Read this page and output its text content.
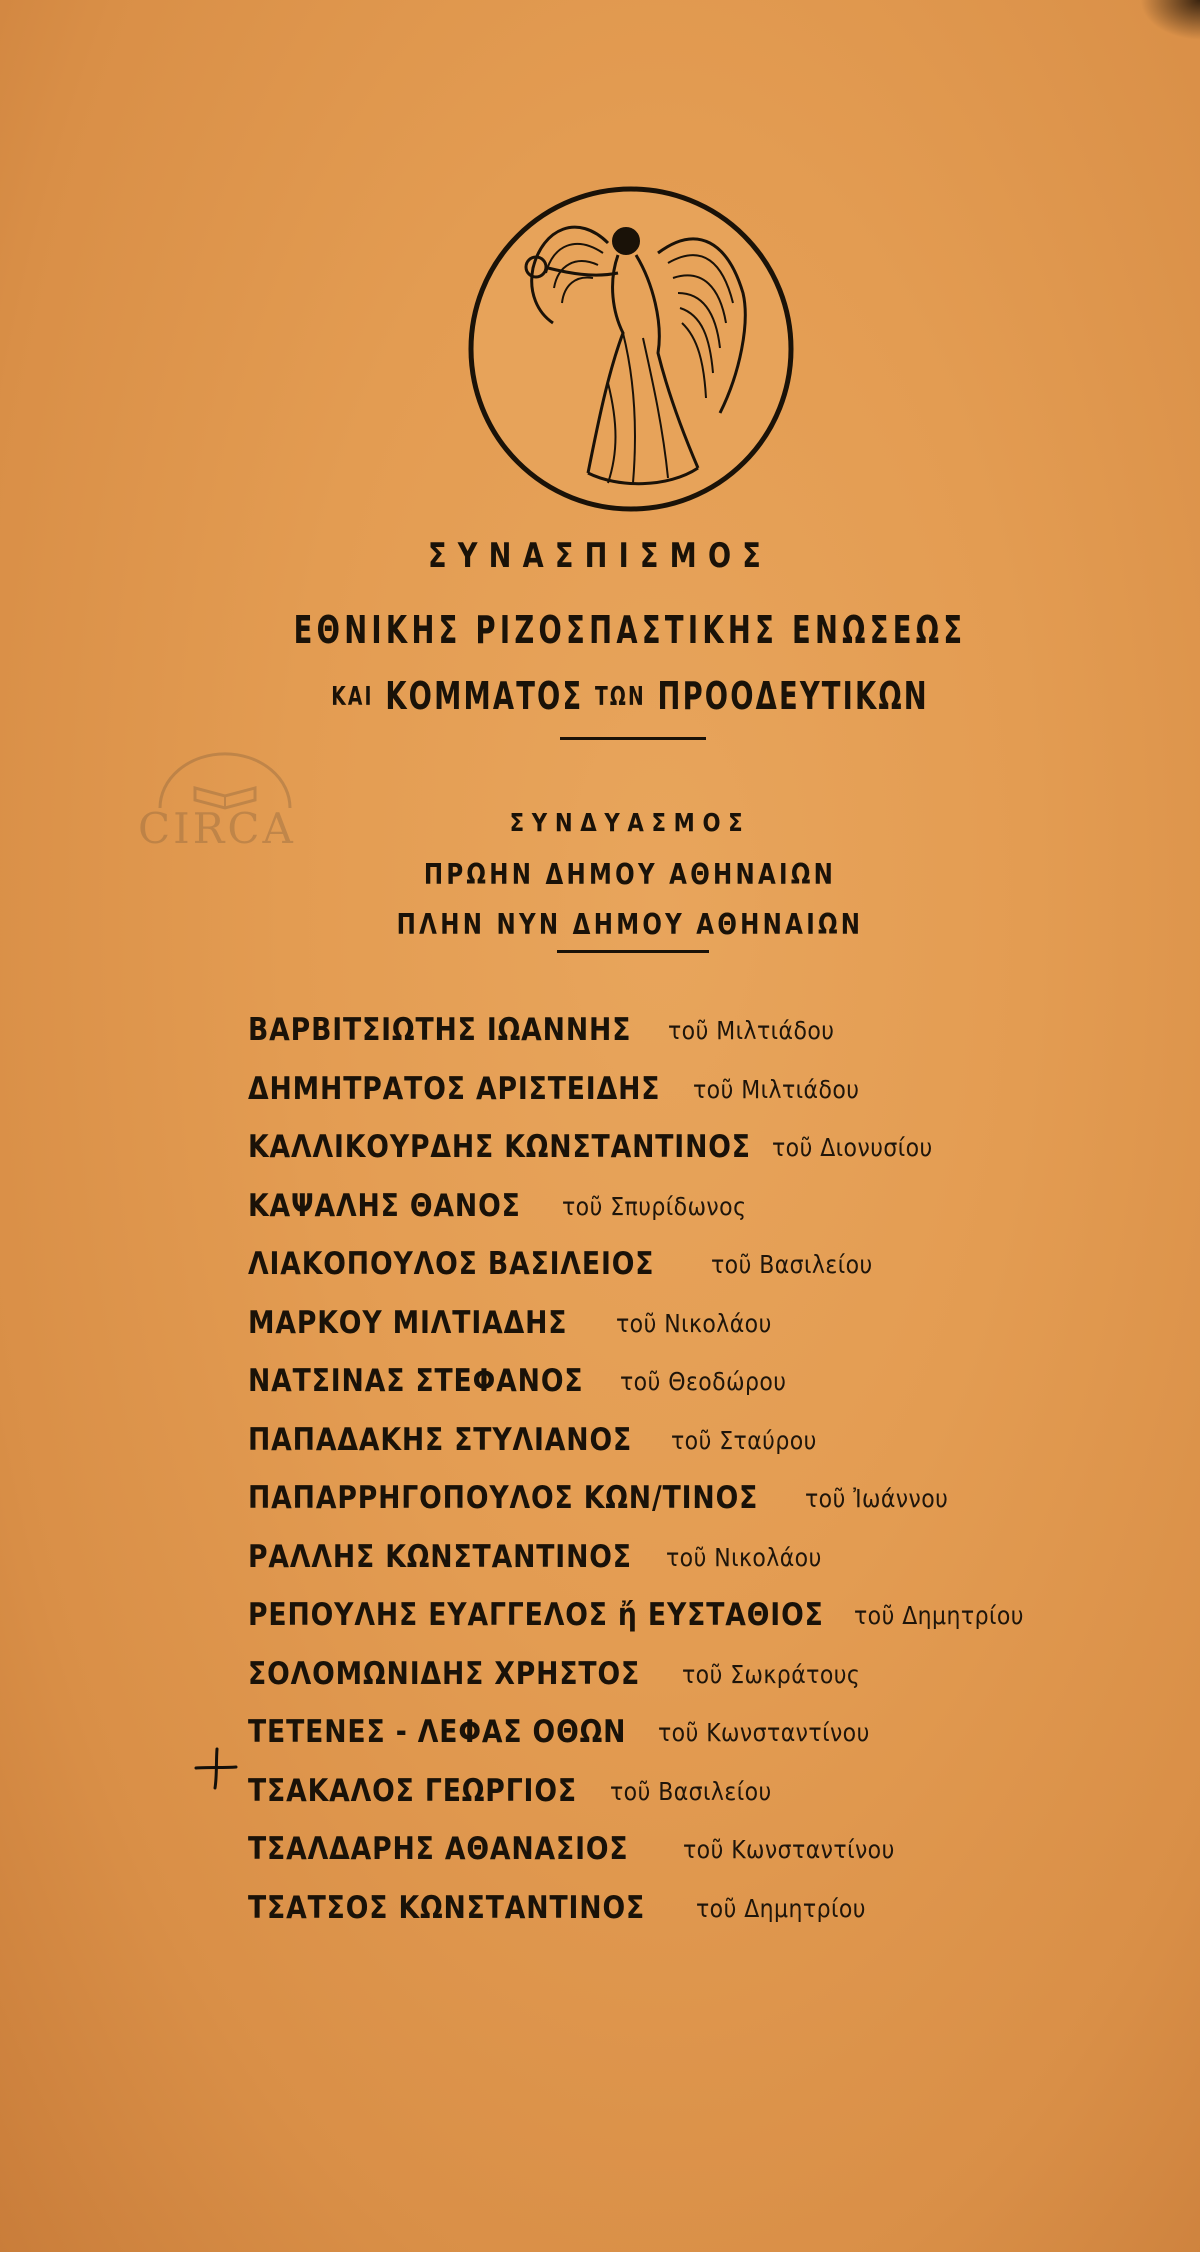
ΣΥΝΑΣΠΙΣΜΟΣ
ΕΘΝΙΚΗΣ ΡΙΖΟΣΠΑΣΤΙΚΗΣ ΕΝΩΣΕΩΣ
ΚΑΙ ΚΟΜΜΑΤΟΣ ΤΩΝ ΠΡΟΟΔΕΥΤΙΚΩΝ
CIRCA	ΣΥΝΔΥΑΣΜΟΣ
ΠΡΩΗΝ ΔΗΜΟΥ ΑΘΗΝΑΙΩΝ
ΠΛΗΝ ΝΥΝ ΔΗΜΟΥ ΑΘΗΝΑΙΩΝ
ΒΑΡΒΙΤΣΙΩΤΗΣ ΙΩΑΝΝΗΣ τοῦ Μιλτιάδου
ΔΗΜΗΤΡΑΤΟΣ ΑΡΙΣΤΕΙΔΗΣ τοῦ Μιλτιάδου
ΚΑΛΛΙΚΟΥΡΔΗΣ ΚΩΝΣΤΑΝΤΙΝΟΣ τοῦ Διονυσίου
ΚΑΨΑΛΗΣ ΘΑΝΟΣ τοῦ Σπυρίδωνος
ΛΙΑΚΟΠΟΥΛΟΣ ΒΑΣΙΛΕΙΟΣ τοῦ Βασιλείου
ΜΑΡΚΟΥ ΜΙΛΤΙΑΔΗΣ τοῦ Νικολάου
ΝΑΤΣΙΝΑΣ ΣΤΕΦΑΝΟΣ τοῦ Θεοδώρου
ΠΑΠΑΔΑΚΗΣ ΣΤΥΛΙΑΝΟΣ τοῦ Σταύρου
ΠΑΠΑΡΡΗΓΟΠΟΥΛΟΣ ΚΩΝ/ΤΙΝΟΣ τοῦ Ἰωάννου
ΡΑΛΛΗΣ ΚΩΝΣΤΑΝΤΙΝΟΣ τοῦ Νικολάου
ΡΕΠΟΥΛΗΣ ΕΥΑΓΓΕΛΟΣ ἤ ΕΥΣΤΑΘΙΟΣ τοῦ Δημητρίου
ΣΟΛΟΜΩΝΙΔΗΣ ΧΡΗΣΤΟΣ τοῦ Σωκράτους
ΤΕΤΕΝΕΣ - ΛΕΦΑΣ ΟΘΩΝ τοῦ Κωνσταντίνου
ΤΣΑΚΑΛΟΣ ΓΕΩΡΓΙΟΣ τοῦ Βασιλείου
ΤΣΑΛΔΑΡΗΣ ΑΘΑΝΑΣΙΟΣ τοῦ Κωνσταντίνου
ΤΣΑΤΣΟΣ ΚΩΝΣΤΑΝΤΙΝΟΣ τοῦ Δημητρίου
